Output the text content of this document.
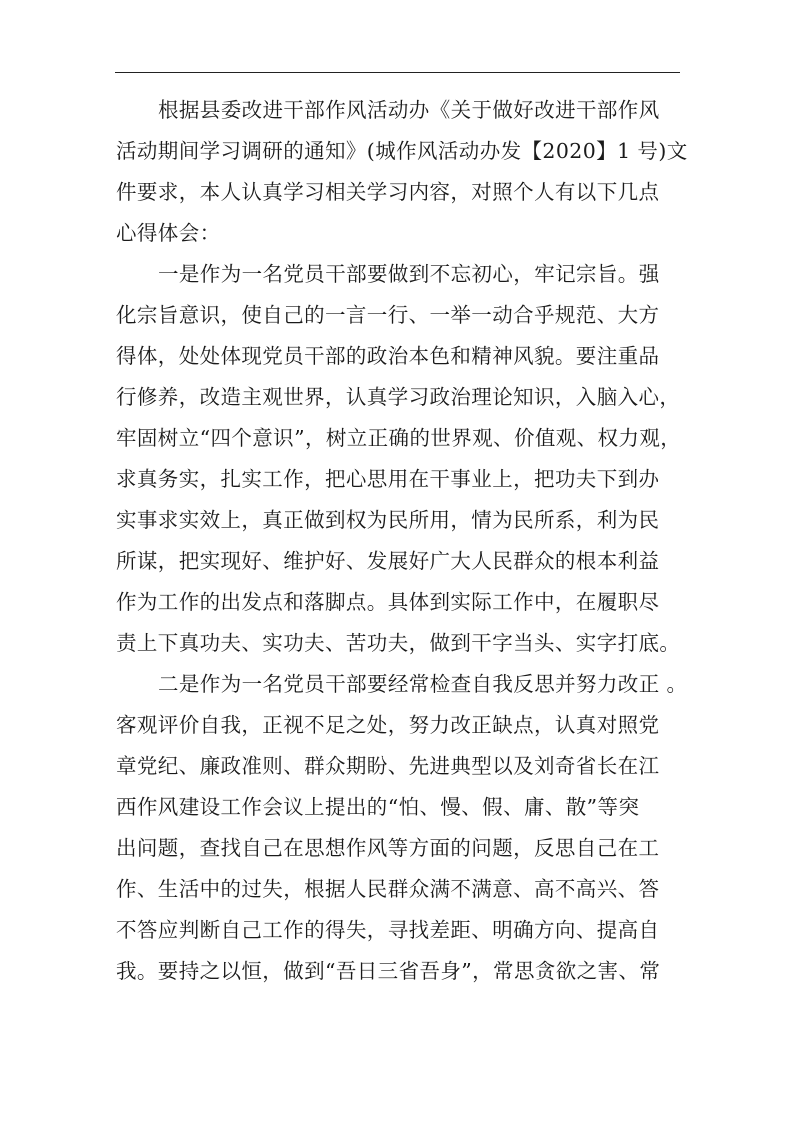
根据县委改进干部作风活动办《关于做好改进干部作风
活动期间学习调研的通知》(城作风活动办发【2020】1 号)文
件要求，本人认真学习相关学习内容，对照个人有以下几点
心得体会：
一是作为一名党员干部要做到不忘初心，牢记宗旨。强
化宗旨意识，使自己的一言一行、一举一动合乎规范、大方
得体，处处体现党员干部的政治本色和精神风貌。要注重品
行修养，改造主观世界，认真学习政治理论知识，入脑入心，
牢固树立“四个意识”，树立正确的世界观、价值观、权力观，
求真务实，扎实工作，把心思用在干事业上，把功夫下到办
实事求实效上，真正做到权为民所用，情为民所系，利为民
所谋，把实现好、维护好、发展好广大人民群众的根本利益
作为工作的出发点和落脚点。具体到实际工作中，在履职尽
责上下真功夫、实功夫、苦功夫，做到干字当头、实字打底。
二是作为一名党员干部要经常检查自我反思并努力改正 。
客观评价自我，正视不足之处，努力改正缺点，认真对照党
章党纪、廉政准则、群众期盼、先进典型以及刘奇省长在江
西作风建设工作会议上提出的“怕、慢、假、庸、散”等突
出问题，查找自己在思想作风等方面的问题，反思自己在工
作、生活中的过失，根据人民群众满不满意、高不高兴、答
不答应判断自己工作的得失，寻找差距、明确方向、提高自
我。要持之以恒，做到“吾日三省吾身”，常思贪欲之害、常
